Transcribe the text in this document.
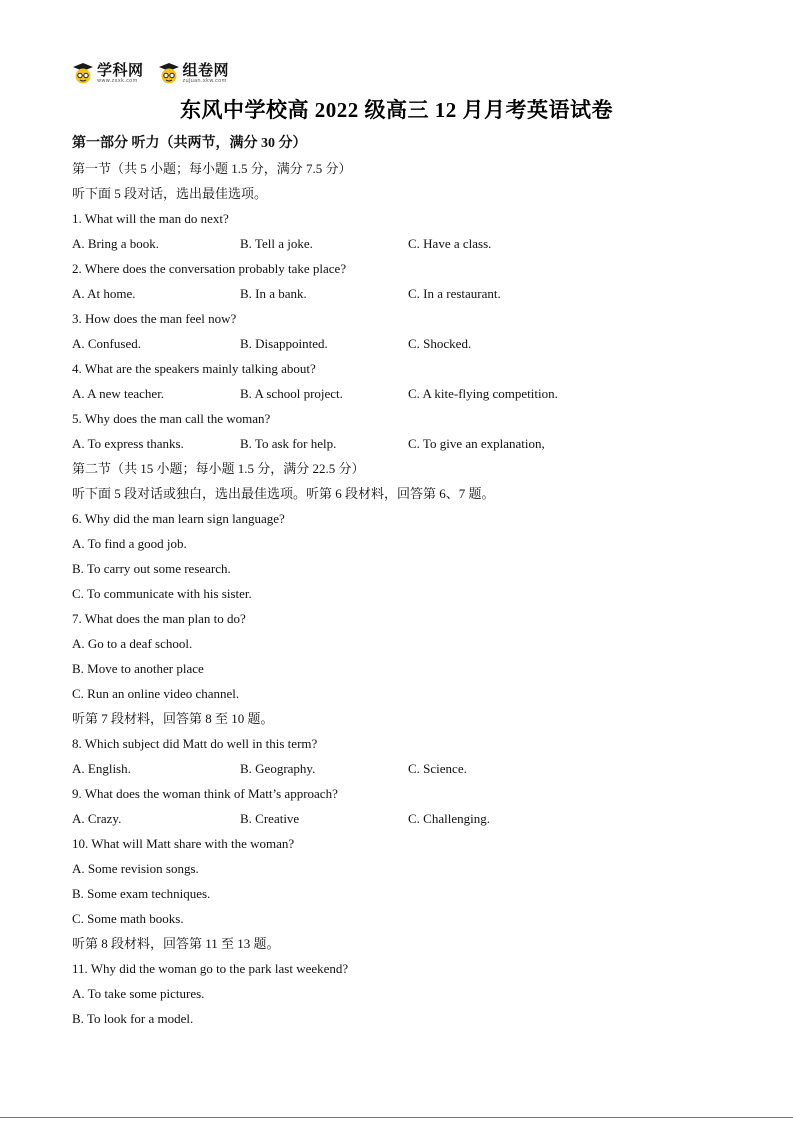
学科网
www.zxxk.com
组卷网
zujuan.xkw.com
东风中学校高 2022 级高三 12 月月考英语试卷
第一部分 听力（共两节，满分 30 分）
第一节（共 5 小题；每小题 1.5 分，满分 7.5 分）
听下面 5 段对话，选出最佳选项。
1. What will the man do next?
A. Bring a book.	B. Tell a joke.	C. Have a class.
2. Where does the conversation probably take place?
A. At home.	B. In a bank.	C. In a restaurant.
3. How does the man feel now?
A. Confused.	B. Disappointed.	C. Shocked.
4. What are the speakers mainly talking about?
A. A new teacher.	B. A school project.	C. A kite-flying competition.
5. Why does the man call the woman?
A. To express thanks.	B. To ask for help.	C. To give an explanation,
第二节（共 15 小题；每小题 1.5 分，满分 22.5 分）
听下面 5 段对话或独白，选出最佳选项。听第 6 段材料，回答第 6、7 题。
6. Why did the man learn sign language?
A. To find a good job.
B. To carry out some research.
C. To communicate with his sister.
7. What does the man plan to do?
A. Go to a deaf school.
B. Move to another place
C. Run an online video channel.
听第 7 段材料，回答第 8 至 10 题。
8. Which subject did Matt do well in this term?
A. English.	B. Geography.	C. Science.
9. What does the woman think of Matt’s approach?
A. Crazy.	B. Creative	C. Challenging.
10. What will Matt share with the woman?
A. Some revision songs.
B. Some exam techniques.
C. Some math books.
听第 8 段材料，回答第 11 至 13 题。
11. Why did the woman go to the park last weekend?
A. To take some pictures.
B. To look for a model.
